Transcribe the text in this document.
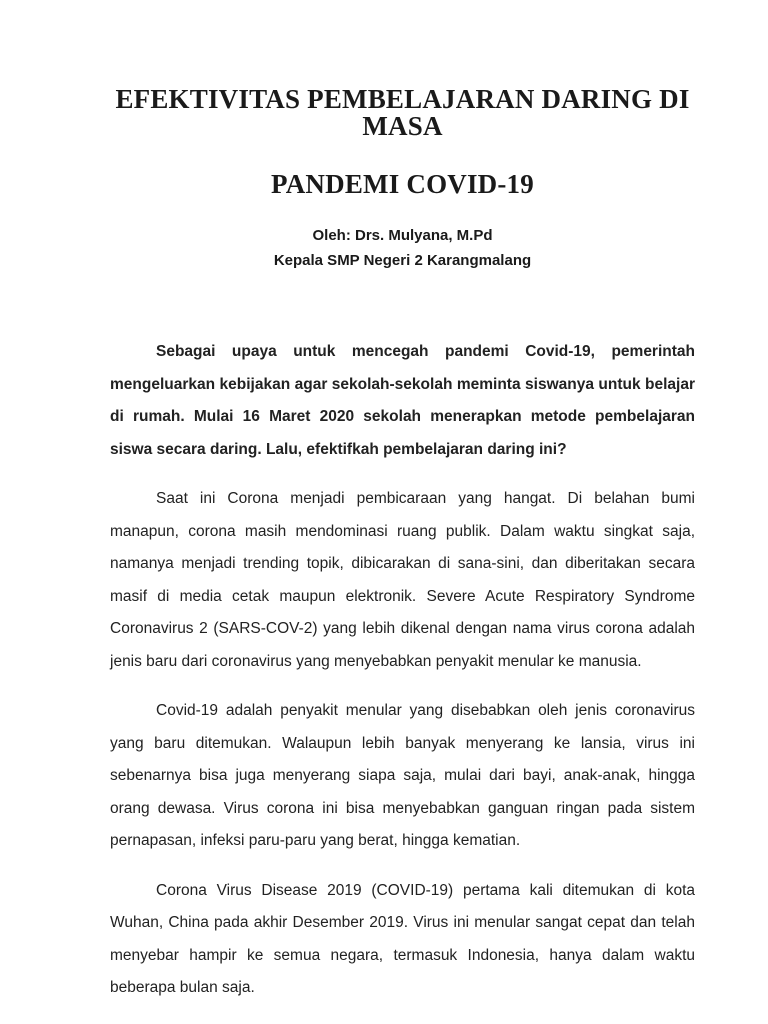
EFEKTIVITAS PEMBELAJARAN DARING DI MASA
PANDEMI COVID-19
Oleh: Drs. Mulyana, M.Pd
Kepala SMP Negeri 2 Karangmalang

Sebagai upaya untuk mencegah pandemi Covid-19, pemerintah mengeluarkan kebijakan agar sekolah-sekolah meminta siswanya untuk belajar di rumah. Mulai 16 Maret 2020 sekolah menerapkan metode pembelajaran siswa secara daring. Lalu, efektifkah pembelajaran daring ini?

Saat ini Corona menjadi pembicaraan yang hangat. Di belahan bumi manapun, corona masih mendominasi ruang publik. Dalam waktu singkat saja, namanya menjadi trending topik, dibicarakan di sana-sini, dan diberitakan secara masif di media cetak maupun elektronik. Severe Acute Respiratory Syndrome Coronavirus 2 (SARS-COV-2) yang lebih dikenal dengan nama virus corona adalah jenis baru dari coronavirus yang menyebabkan penyakit menular ke manusia.

Covid-19 adalah penyakit menular yang disebabkan oleh jenis coronavirus yang baru ditemukan. Walaupun lebih banyak menyerang ke lansia, virus ini sebenarnya bisa juga menyerang siapa saja, mulai dari bayi, anak-anak, hingga orang dewasa. Virus corona ini bisa menyebabkan ganguan ringan pada sistem pernapasan, infeksi paru-paru yang berat, hingga kematian.

Corona Virus Disease 2019 (COVID-19) pertama kali ditemukan di kota Wuhan, China pada akhir Desember 2019. Virus ini menular sangat cepat dan telah menyebar hampir ke semua negara, termasuk Indonesia, hanya dalam waktu beberapa bulan saja.
